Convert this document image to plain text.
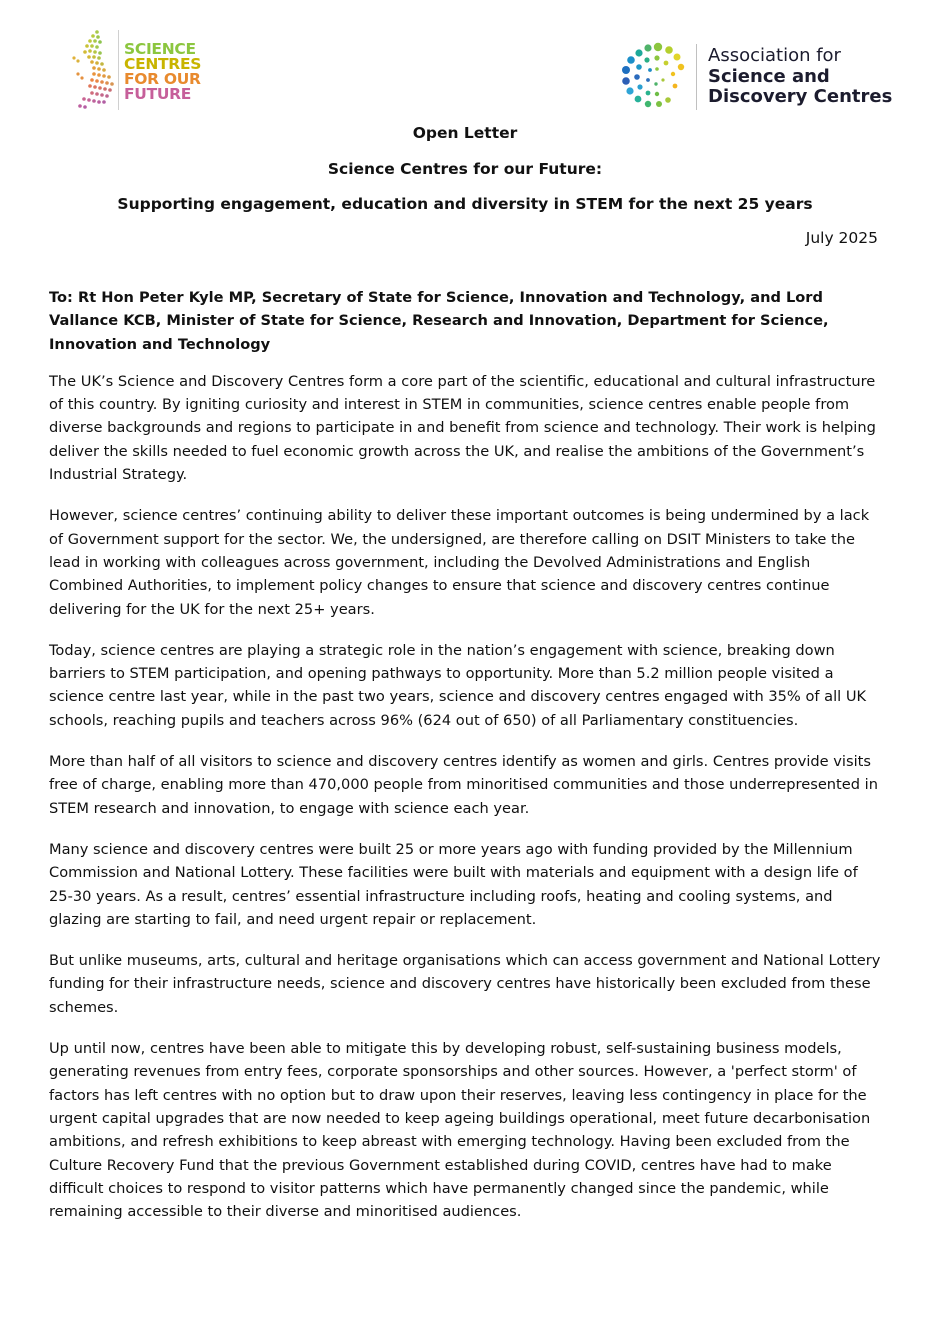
SCIENCE
CENTRES
FOR OUR
FUTURE
Association for
Science and
Discovery Centres
Open Letter
Science Centres for our Future:
Supporting engagement, education and diversity in STEM for the next 25 years
July 2025

To: Rt Hon Peter Kyle MP, Secretary of State for Science, Innovation and Technology, and Lord Vallance KCB, Minister of State for Science, Research and Innovation, Department for Science, Innovation and Technology

The UK’s Science and Discovery Centres form a core part of the scientific, educational and cultural infrastructure of this country. By igniting curiosity and interest in STEM in communities, science centres enable people from diverse backgrounds and regions to participate in and benefit from science and technology. Their work is helping deliver the skills needed to fuel economic growth across the UK, and realise the ambitions of the Government’s Industrial Strategy.

However, science centres’ continuing ability to deliver these important outcomes is being undermined by a lack of Government support for the sector. We, the undersigned, are therefore calling on DSIT Ministers to take the lead in working with colleagues across government, including the Devolved Administrations and English Combined Authorities, to implement policy changes to ensure that science and discovery centres continue delivering for the UK for the next 25+ years.

Today, science centres are playing a strategic role in the nation’s engagement with science, breaking down barriers to STEM participation, and opening pathways to opportunity. More than 5.2 million people visited a science centre last year, while in the past two years, science and discovery centres engaged with 35% of all UK schools, reaching pupils and teachers across 96% (624 out of 650) of all Parliamentary constituencies.

More than half of all visitors to science and discovery centres identify as women and girls. Centres provide visits free of charge, enabling more than 470,000 people from minoritised communities and those underrepresented in STEM research and innovation, to engage with science each year.

Many science and discovery centres were built 25 or more years ago with funding provided by the Millennium Commission and National Lottery. These facilities were built with materials and equipment with a design life of 25-30 years. As a result, centres’ essential infrastructure including roofs, heating and cooling systems, and glazing are starting to fail, and need urgent repair or replacement.

But unlike museums, arts, cultural and heritage organisations which can access government and National Lottery funding for their infrastructure needs, science and discovery centres have historically been excluded from these schemes.

Up until now, centres have been able to mitigate this by developing robust, self-sustaining business models, generating revenues from entry fees, corporate sponsorships and other sources. However, a 'perfect storm' of factors has left centres with no option but to draw upon their reserves, leaving less contingency in place for the urgent capital upgrades that are now needed to keep ageing buildings operational, meet future decarbonisation ambitions, and refresh exhibitions to keep abreast with emerging technology. Having been excluded from the Culture Recovery Fund that the previous Government established during COVID, centres have had to make difficult choices to respond to visitor patterns which have permanently changed since the pandemic, while remaining accessible to their diverse and minoritised audiences.
